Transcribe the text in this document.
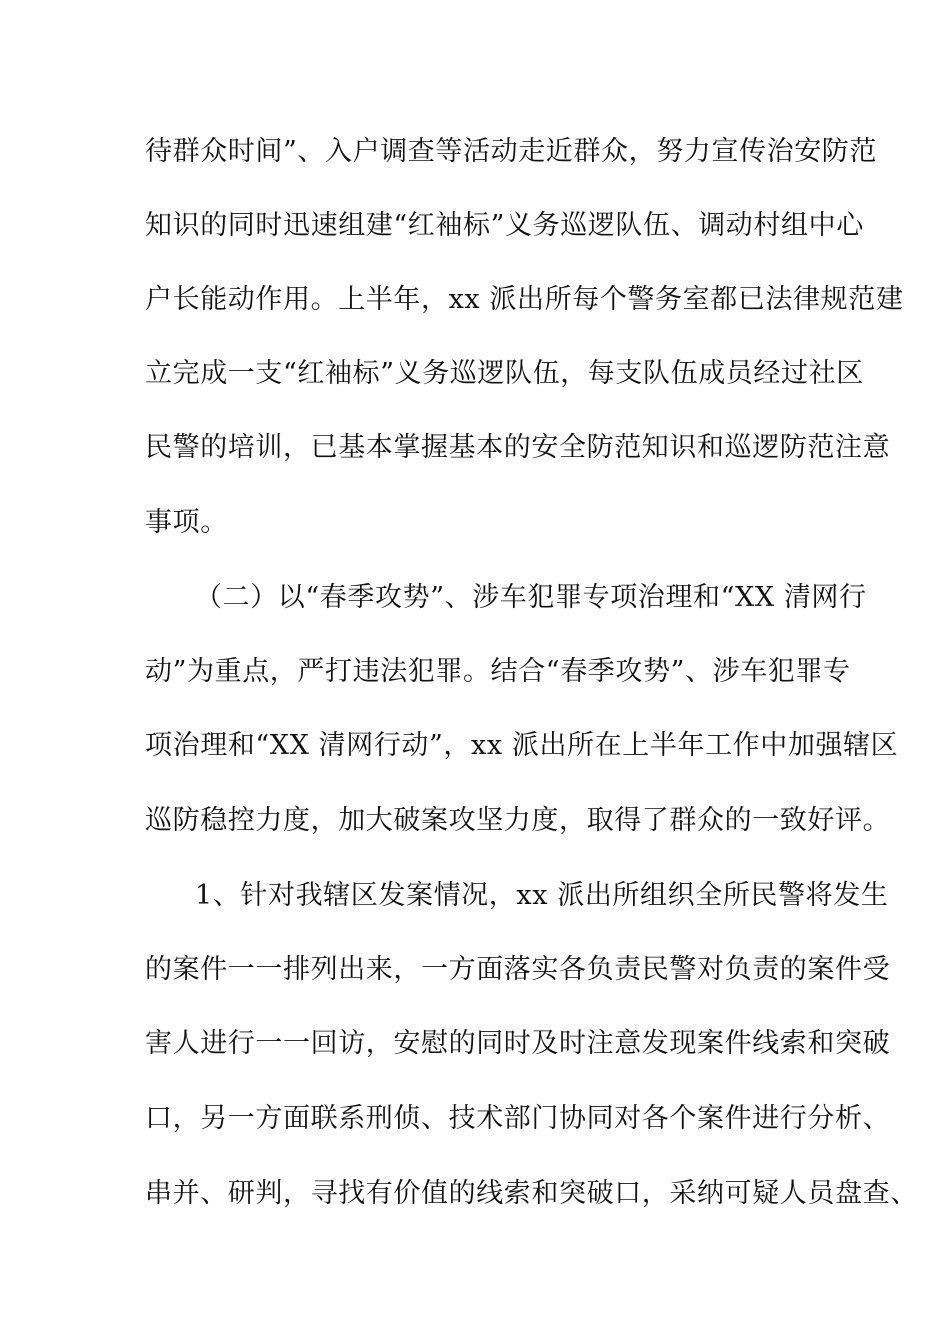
待群众时间”、入户调查等活动走近群众，努力宣传治安防范
知识的同时迅速组建“红袖标”义务巡逻队伍、调动村组中心
户长能动作用。上半年，xx 派出所每个警务室都已法律规范建
立完成一支“红袖标”义务巡逻队伍，每支队伍成员经过社区
民警的培训，已基本掌握基本的安全防范知识和巡逻防范注意
事项。
（二）以“春季攻势”、涉车犯罪专项治理和“XX 清网行
动”为重点，严打违法犯罪。结合“春季攻势”、涉车犯罪专
项治理和“XX 清网行动”，xx 派出所在上半年工作中加强辖区
巡防稳控力度，加大破案攻坚力度，取得了群众的一致好评。
1、针对我辖区发案情况，xx 派出所组织全所民警将发生
的案件一一排列出来，一方面落实各负责民警对负责的案件受
害人进行一一回访，安慰的同时及时注意发现案件线索和突破
口，另一方面联系刑侦、技术部门协同对各个案件进行分析、
串并、研判，寻找有价值的线索和突破口，采纳可疑人员盘查、
